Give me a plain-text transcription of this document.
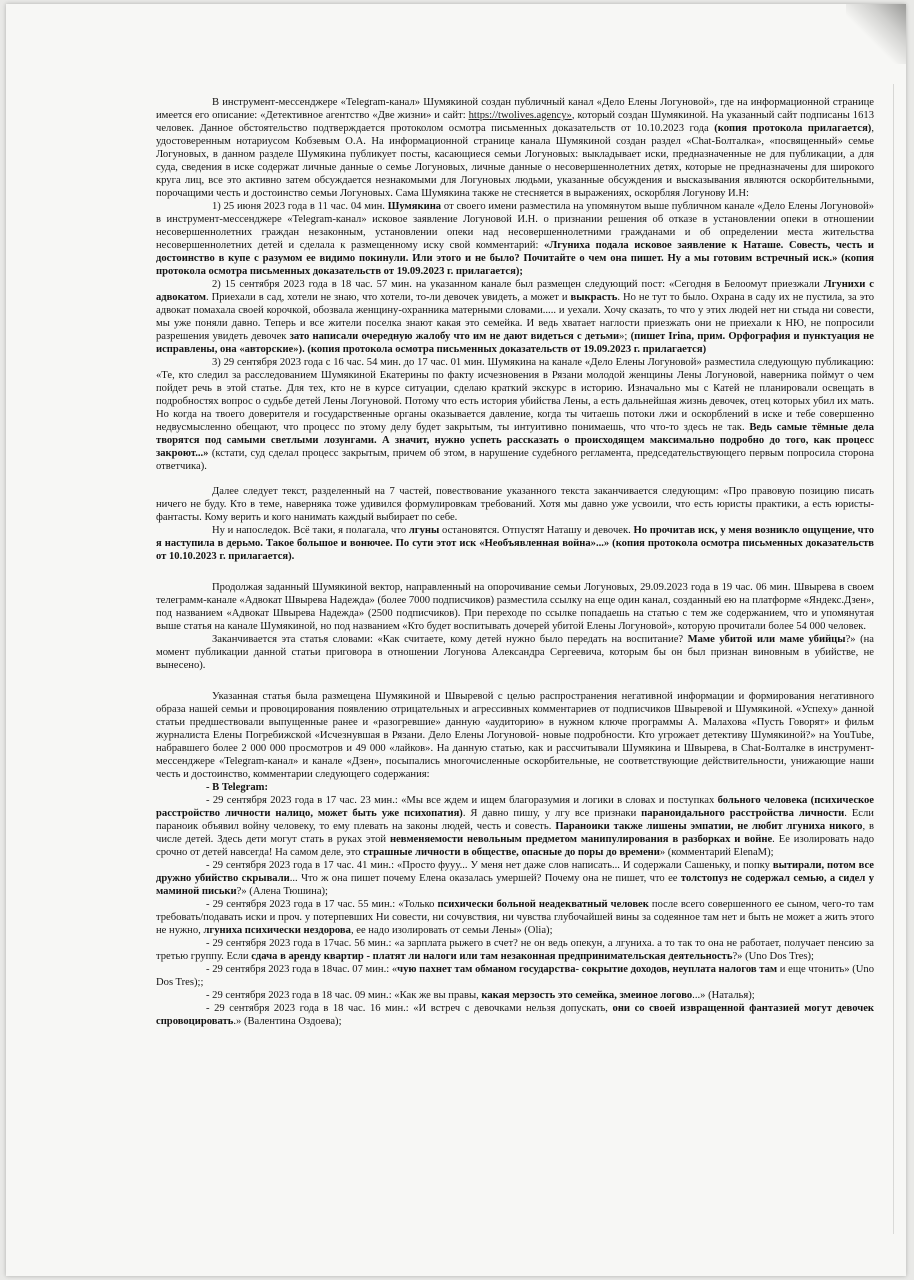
В инструмент-мессенджере «Telegram-канал» Шумякиной создан публичный канал «Дело Елены Логуновой», где на информационной странице имеется его описание: «Детективное агентство «Две жизни» и сайт: https://twolives.agency», который создан Шумякиной. На указанный сайт подписаны 1613 человек. Данное обстоятельство подтверждается протоколом осмотра письменных доказательств от 10.10.2023 года (копия протокола прилагается), удостоверенным нотариусом Кобзевым О.А. На информационной странице канала Шумякиной создан раздел «Chat-Болталка», «посвященный» семье Логуновых, в данном разделе Шумякина публикует посты, касающиеся семьи Логуновых: выкладывает иски, предназначенные не для публикации, а для суда, сведения в иске содержат личные данные о семье Логуновых, личные данные о несовершеннолетних детях, которые не предназначены для широкого круга лиц, все это активно затем обсуждается незнакомыми для Логуновых людьми, указанные обсуждения и высказывания являются оскорбительными, порочащими честь и достоинство семьи Логуновых. Сама Шумякина также не стесняется в выражениях, оскорбляя Логунову И.Н:

1) 25 июня 2023 года в 11 час. 04 мин. Шумякина от своего имени разместила на упомянутом выше публичном канале «Дело Елены Логуновой» в инструмент-мессенджере «Telegram-канал» исковое заявление Логуновой И.Н. о признании решения об отказе в установлении опеки в отношении несовершеннолетних граждан незаконным, установлении опеки над несовершеннолетними гражданами и об определении места жительства несовершеннолетних детей и сделала к размещенному иску свой комментарий: «Лгуниха подала исковое заявление к Наташе. Совесть, честь и достоинство в купе с разумом ее видимо покинули. Или этого и не было? Почитайте о чем она пишет. Ну а мы готовим встречный иск.» (копия протокола осмотра письменных доказательств от 19.09.2023 г. прилагается);

2) 15 сентября 2023 года в 18 час. 57 мин. на указанном канале был размещен следующий пост: «Сегодня в Белоомут приезжали Лгунихи с адвокатом. Приехали в сад, хотели не знаю, что хотели, то-ли девочек увидеть, а может и выкрасть. Но не тут то было. Охрана в саду их не пустила, за это адвокат помахала своей корочкой, обозвала женщину-охранника матерными словами..... и уехали. Хочу сказать, то что у этих людей нет ни стыда ни совести, мы уже поняли давно. Теперь и все жители поселка знают какая это семейка. И ведь хватает наглости приезжать они не приехали к НЮ, не попросили разрешения увидеть девочек зато написали очередную жалобу что им не дают видеться с детьми»; (пишет Irina, прим. Орфография и пунктуация не исправлены, она «авторские»). (копия протокола осмотра письменных доказательств от 19.09.2023 г. прилагается)

3) 29 сентября 2023 года с 16 час. 54 мин. до 17 час. 01 мин. Шумякина на канале «Дело Елены Логуновой» разместила следующую публикацию: «Те, кто следил за расследованием Шумякиной Екатерины по факту исчезновения в Рязани молодой женщины Лены Логуновой, наверника поймут о чем пойдет речь в этой статье. Для тех, кто не в курсе ситуации, сделаю краткий экскурс в историю. Изначально мы с Катей не планировали освещать в подробностях вопрос о судьбе детей Лены Логуновой. Потому что есть история убийства Лены, а есть дальнейшая жизнь девочек, отец которых убил их мать. Но когда на твоего доверителя и государственные органы оказывается давление, когда ты читаешь потоки лжи и оскорблений в иске и тебе совершенно недвусмысленно обещают, что процесс по этому делу будет закрытым, ты интуитивно понимаешь, что что-то здесь не так. Ведь самые тёмные дела творятся под самыми светлыми лозунгами. А значит, нужно успеть рассказать о происходящем максимально подробно до того, как процесс закроют...» (кстати, суд сделал процесс закрытым, причем об этом, в нарушение судебного регламента, председательствующего первым попросила сторона ответчика).

Далее следует текст, разделенный на 7 частей, повествование указанного текста заканчивается следующим: «Про правовую позицию писать ничего не буду. Кто в теме, наверняка тоже удивился формулировкам требований. Хотя мы давно уже усвоили, что есть юристы практики, а есть юристы-фантасты. Кому верить и кого нанимать каждый выбирает по себе.

Ну и напоследок. Всё таки, я полагала, что лгуны остановятся. Отпустят Наташу и девочек. Но прочитав иск, у меня возникло ощущение, что я наступила в дерьмо. Такое большое и вонючее. По сути этот иск «Необъявленная война»...» (копия протокола осмотра письменных доказательств от 10.10.2023 г. прилагается).

Продолжая заданный Шумякиной вектор, направленный на опорочивание семьи Логуновых, 29.09.2023 года в 19 час. 06 мин. Швырева в своем телеграмм-канале «Адвокат Швырева Надежда» (более 7000 подписчиков) разместила ссылку на еще один канал, созданный ею на платформе «Яндекс.Дзен», под названием «Адвокат Швырева Надежда» (2500 подписчиков). При переходе по ссылке попадаешь на статью с тем же содержанием, что и упомянутая выше статья на канале Шумякиной, но под названием «Кто будет воспитывать дочерей убитой Елены Логуновой», которую прочитали более 54 000 человек.

Заканчивается эта статья словами: «Как считаете, кому детей нужно было передать на воспитание? Маме убитой или маме убийцы?» (на момент публикации данной статьи приговора в отношении Логунова Александра Сергеевича, которым бы он был признан виновным в убийстве, не вынесено).

Указанная статья была размещена Шумякиной и Швыревой с целью распространения негативной информации и формирования негативного образа нашей семьи и провоцирования появлению отрицательных и агрессивных комментариев от подписчиков Швыревой и Шумякиной. «Успеху» данной статьи предшествовали выпущенные ранее и «разогревшие» данную «аудиторию» в нужном ключе программы А. Малахова «Пусть Говорят» и фильм журналиста Елены Погребижской «Исчезнувшая в Рязани. Дело Елены Логуновой- новые подробности. Кто угрожает детективу Шумякиной?» на YouTube, набравшего более 2 000 000 просмотров и 49 000 «лайков». На данную статью, как и рассчитывали Шумякина и Швырева, в Chat-Болталке в инструмент-мессенджере «Telegram-канал» и канале «Дзен», посыпались многочисленные оскорбительные, не соответствующие действительности, унижающие наши честь и достоинство, комментарии следующего содержания:

- В Telegram:

- 29 сентября 2023 года в 17 час. 23 мин.: «Мы все ждем и ищем благоразумия и логики в словах и поступках больного человека (психическое расстройство личности налицо, может быть уже психопатия). Я давно пишу, у лгу все признаки параноидального расстройства личности. Если параноик объявил войну человеку, то ему плевать на законы людей, честь и совесть. Параноики также лишены эмпатии, не любит лгуниха никого, в числе детей. Здесь дети могут стать в руках этой невменяемости невольным предметом манипулирования в разборках и войне. Ее изолировать надо срочно от детей навсегда! На самом деле, это страшные личности в обществе, опасные до поры до времени» (комментарий ElenaM);

- 29 сентября 2023 года в 17 час. 41 мин.: «Просто фууу... У меня нет даже слов написать... И содержали Сашеньку, и попку вытирали, потом все дружно убийство скрывали... Что ж она пишет почему Елена оказалась умершей? Почему она не пишет, что ее толстопуз не содержал семью, а сидел у маминой письки?» (Алена Тюшина);

- 29 сентября 2023 года в 17 час. 55 мин.: «Только психически больной неадекватный человек после всего совершенного ее сыном, чего-то там требовать/подавать иски и проч. у потерпевших Ни совести, ни сочувствия, ни чувства глубочайшей вины за содеянное там нет и быть не может а жить этого не нужно, лгуниха психически нездорова, ее надо изолировать от семьи Лены» (Olia);

- 29 сентября 2023 года в 17час. 56 мин.: «а зарплата рыжего в счет? не он ведь опекун, а лгуниха. а то так то она не работает, получает пенсию за третью группу. Если сдача в аренду квартир - платят ли налоги или там незаконная предпринимательская деятельность?» (Uno Dos Tres);

- 29 сентября 2023 года в 18час. 07 мин.: «чую пахнет там обманом государства- сокрытие доходов, неуплата налогов там и еще чтонить» (Uno Dos Tres);;

- 29 сентября 2023 года в 18 час. 09 мин.: «Как же вы правы, какая мерзость это семейка, змеиное логово...» (Наталья);

- 29 сентября 2023 года в 18 час. 16 мин.: «И встреч с девочками нельзя допускать, они со своей извращенной фантазией могут девочек спровоцировать.» (Валентина Оздоева);
